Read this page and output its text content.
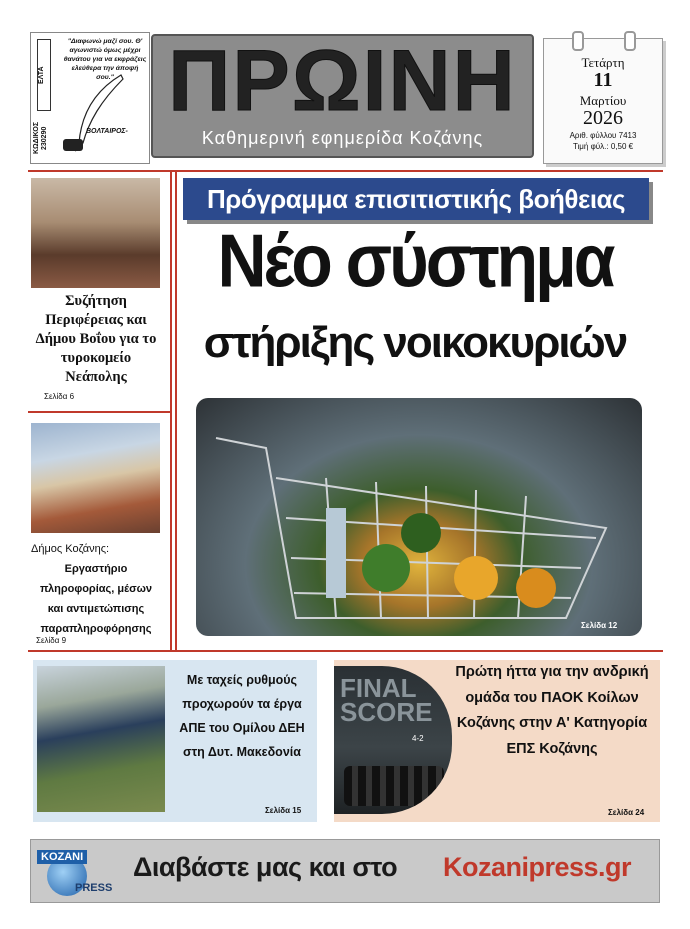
ΕΛΤΑ
ΚΩΔΙΚΟΣ 230290
"Διαφωνώ μαζί σου. Θ' αγωνιστώ όμως μέχρι θανάτου για να εκφράζεις ελεύθερα την άποψή σου."
ΒΟΛΤΑΙΡΟΣ-
ΠΡΩΙΝΗ
Καθημερινή εφημερίδα Κοζάνης
Τετάρτη
11
Μαρτίου
2026
Αριθ. φύλλου 7413
Τιμή φύλ.: 0,50 €
Συζήτηση Περιφέρειας και Δήμου Βοΐου για το τυροκομείο Νεάπολης
Σελίδα 6
Δήμος Κοζάνης:
Εργαστήριο πληροφορίας, μέσων και αντιμετώπισης παραπληροφόρησης
Σελίδα 9
Πρόγραμμα επισιτιστικής βοήθειας
Νέο σύστημα
στήριξης νοικοκυριών
Σελίδα 12
Με ταχείς ρυθμούς προχωρούν τα έργα ΑΠΕ του Ομίλου ΔΕΗ στη Δυτ. Μακεδονία
Σελίδα 15
FINAL SCORE
4-2
Πρώτη ήττα για την ανδρική ομάδα του ΠΑΟΚ Κοίλων Κοζάνης στην Α' Κατηγορία ΕΠΣ Κοζάνης
Σελίδα 24
KOZANI
PRESS
Διαβάστε μας και στο Kozanipress.gr
